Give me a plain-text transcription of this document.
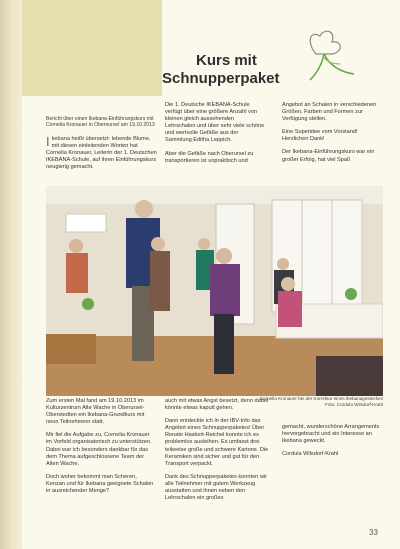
Kurs mit
Schnupperpaket
Bericht über einen Ikebana-Einführungskurs mit Cornelia Kronauer in Obernursel am 19.10.2013
Ikebana heißt übersetzt: lebende Blume, mit diesen einleitenden Worten hat Cornelia Kronauer, Leiterin der 1. Deutschen IKEBANA-Schule, auf ihren Einführungskurs neugierig gemacht.

Die 1. Deutsche IKEBANA-Schule verfügt über eine größere Anzahl von kleinen gleich aussehenden Lehrschalen und über sehr viele schöne und wertvolle Gefäße aus der Sammlung Editha Leppich.

Aber die Gefäße nach Oberursel zu transportieren ist unpraktisch und

Angebot an Schalen in verschiedenen Größen, Farben und Formen zur Verfügung stellen.

Eine Superidee vom Vorstand! Herzlichen Dank!

Der Ikebana-Einführungskurs war ein großer Erfolg, hat viel Spaß

Cornelia Kronauer bei der Korrektur eines Ikebanagesteckes
Foto: Cordula Wilsdorf-Krahl

Zum ersten Mal fand am 19.10.2013 im Kulturzentrum Alte Wache in Oberursel-Oberstedten ein Ikebana-Grundkurs mit neun Teilnehmern statt.

Mir fiel die Aufgabe zu, Cornelia Kronauer im Vorfeld organisatorisch zu unterstützen. Dabei war ich besonders dankbar für das dem Thema aufgeschlossene Team der Alten Wache.

Doch woher bekommt man Scheren, Kenzan und für Ikebana geeignete Schalen in ausreichender Menge?

auch mit etwas Angst besetzt, denn dabei könnte etwas kaputt gehen.

Dann entdeckte ich in der IBV-Info das Angebot eines Schnupperpaketes! Über Renate Haskert-Reichel konnte ich es problemlos ausleihen. Es umfasst drei teilweise große und schwere Kartons. Die Keramiken sind sicher und gut für den Transport verpackt.

Dank des Schnupperpaketes konnten wir alle Teilnehmer mit gutem Werkzeug ausstatten und ihnen neben den Lehrschalen ein großes

gemacht, wunderschöne Arrangements hervorgebracht und ein Interesse an Ikebana geweckt.

Cordula Wilsdorf-Krahl

33
